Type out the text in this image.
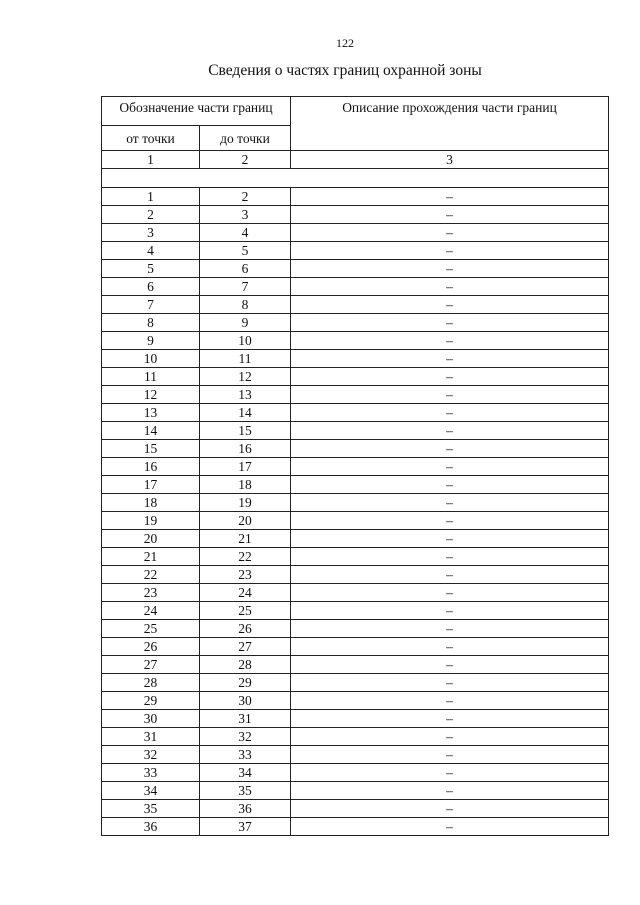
122
Сведения о частях границ охранной зоны
Обозначение части границ		Описание прохождения части границ
от точки	до точки	
1	2	3

1	2	–
2	3	–
3	4	–
4	5	–
5	6	–
6	7	–
7	8	–
8	9	–
9	10	–
10	11	–
11	12	–
12	13	–
13	14	–
14	15	–
15	16	–
16	17	–
17	18	–
18	19	–
19	20	–
20	21	–
21	22	–
22	23	–
23	24	–
24	25	–
25	26	–
26	27	–
27	28	–
28	29	–
29	30	–
30	31	–
31	32	–
32	33	–
33	34	–
34	35	–
35	36	–
36	37	–
